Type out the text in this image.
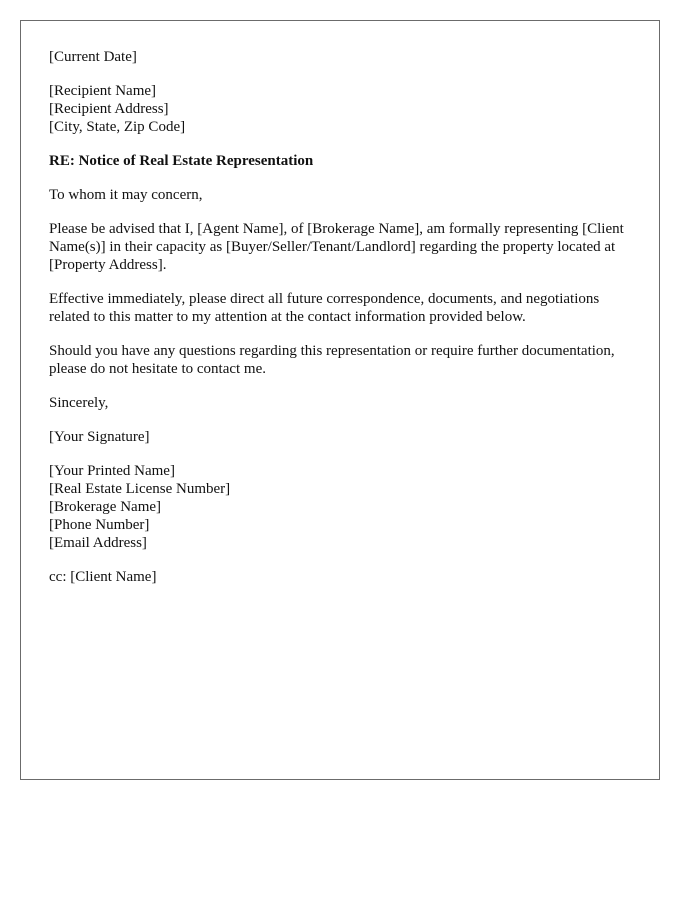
[Current Date]
[Recipient Name]
[Recipient Address]
[City, State, Zip Code]
RE: Notice of Real Estate Representation
To whom it may concern,
Please be advised that I, [Agent Name], of [Brokerage Name], am formally representing [Client Name(s)] in their capacity as [Buyer/Seller/Tenant/Landlord] regarding the property located at [Property Address].
Effective immediately, please direct all future correspondence, documents, and negotiations related to this matter to my attention at the contact information provided below.
Should you have any questions regarding this representation or require further documentation, please do not hesitate to contact me.
Sincerely,
[Your Signature]
[Your Printed Name]
[Real Estate License Number]
[Brokerage Name]
[Phone Number]
[Email Address]
cc: [Client Name]
